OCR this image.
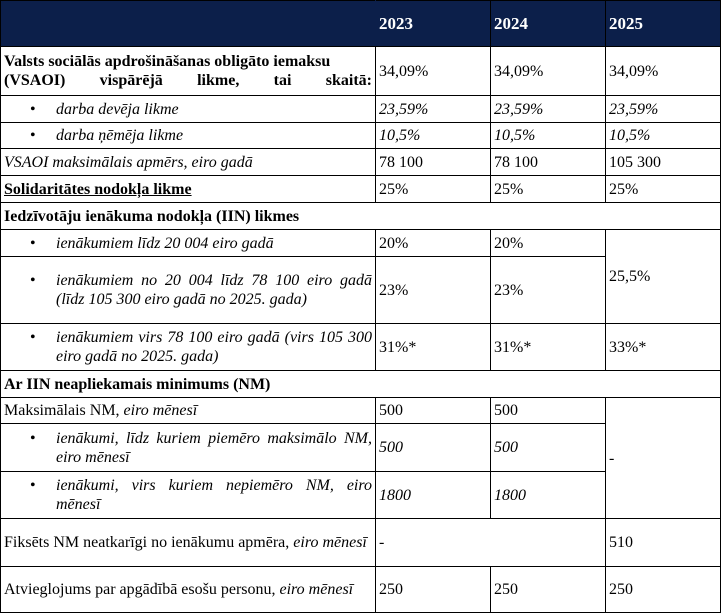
	2023	2024	2025
Valsts sociālās apdrošināšanas obligāto iemaksu (VSAOI) vispārējā likme, tai skaitā:	34,09%	34,09%	34,09%

• darba devēja likme	23,59%	23,59%	23,59%

• darba ņēmēja likme	10,5%	10,5%	10,5%
VSAOI maksimālais apmērs, eiro gadā	78 100	78 100	105 300
Solidaritātes nodokļa likme	25%	25%	25%
Iedzīvotāju ienākuma nodokļa (IIN) likmes			

• ienākumiem līdz 20 004 eiro gadā	20%	20%	25,5%

• ienākumiem no 20 004 līdz 78 100 eiro gadā (līdz 105 300 eiro gadā no 2025. gada)	23%	23%	

• ienākumiem virs 78 100 eiro gadā (virs 105 300 eiro gadā no 2025. gada)	31%*	31%*	33%*
Ar IIN neapliekamais minimums (NM)			
Maksimālais NM, eiro mēnesī	500	500	-

• ienākumi, līdz kuriem piemēro maksimālo NM, eiro mēnesī	500	500	

• ienākumi, virs kuriem nepiemēro NM, eiro mēnesī	1800	1800	
Fiksēts NM neatkarīgi no ienākumu apmēra, eiro mēnesī	-		510
Atvieglojums par apgādībā esošu personu, eiro mēnesī	250	250	250
